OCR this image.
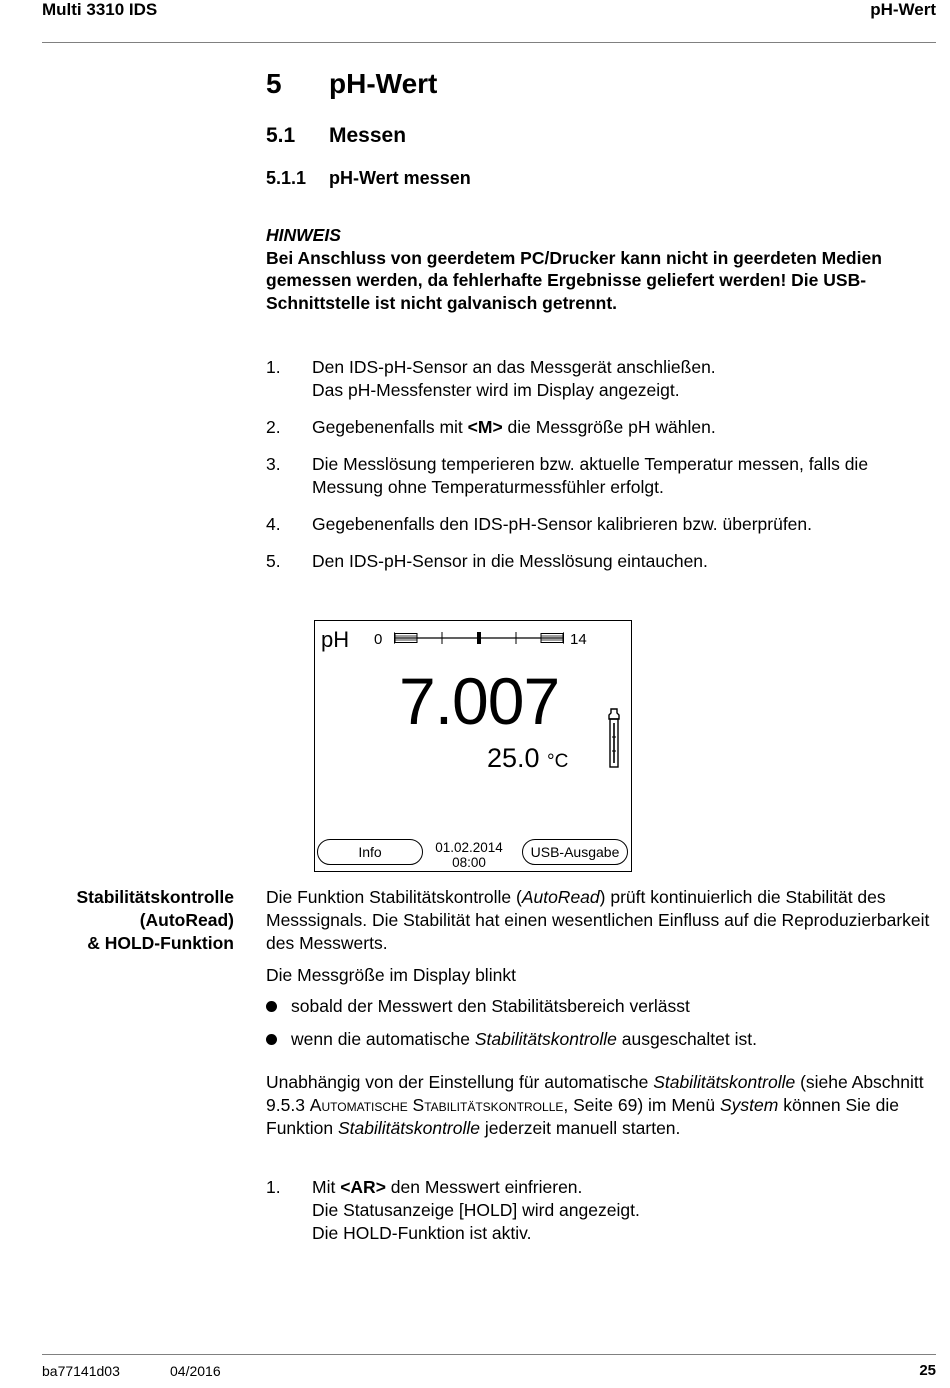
Multi 3310 IDS	pH-Wert
5 pH-Wert
5.1 Messen
5.1.1 pH-Wert messen
HINWEIS
Bei Anschluss von geerdetem PC/Drucker kann nicht in geerdeten Medien gemessen werden, da fehlerhafte Ergebnisse geliefert werden! Die USB-Schnittstelle ist nicht galvanisch getrennt.
1. Den IDS-pH-Sensor an das Messgerät anschließen.
Das pH-Messfenster wird im Display angezeigt.
2. Gegebenenfalls mit <M> die Messgröße pH wählen.
3. Die Messlösung temperieren bzw. aktuelle Temperatur messen, falls die Messung ohne Temperaturmessfühler erfolgt.
4. Gegebenenfalls den IDS-pH-Sensor kalibrieren bzw. überprüfen.
5. Den IDS-pH-Sensor in die Messlösung eintauchen.
pH 0	14
7.007
25.0 °C
Info	01.02.2014
08:00
USB-Ausgabe
Stabilitätskontrolle
(AutoRead)
& HOLD-Funktion
Die Funktion Stabilitätskontrolle (AutoRead) prüft kontinuierlich die Stabilität des Messsignals. Die Stabilität hat einen wesentlichen Einfluss auf die Reproduzierbarkeit des Messwerts.
Die Messgröße im Display blinkt
sobald der Messwert den Stabilitätsbereich verlässt
wenn die automatische Stabilitätskontrolle ausgeschaltet ist.
Unabhängig von der Einstellung für automatische Stabilitätskontrolle (siehe Abschnitt 9.5.3 Automatische Stabilitätskontrolle, Seite 69) im Menü System können Sie die Funktion Stabilitätskontrolle jederzeit manuell starten.
1. Mit <AR> den Messwert einfrieren.
Die Statusanzeige [HOLD] wird angezeigt.
Die HOLD-Funktion ist aktiv.
ba77141d03	04/2016	25
